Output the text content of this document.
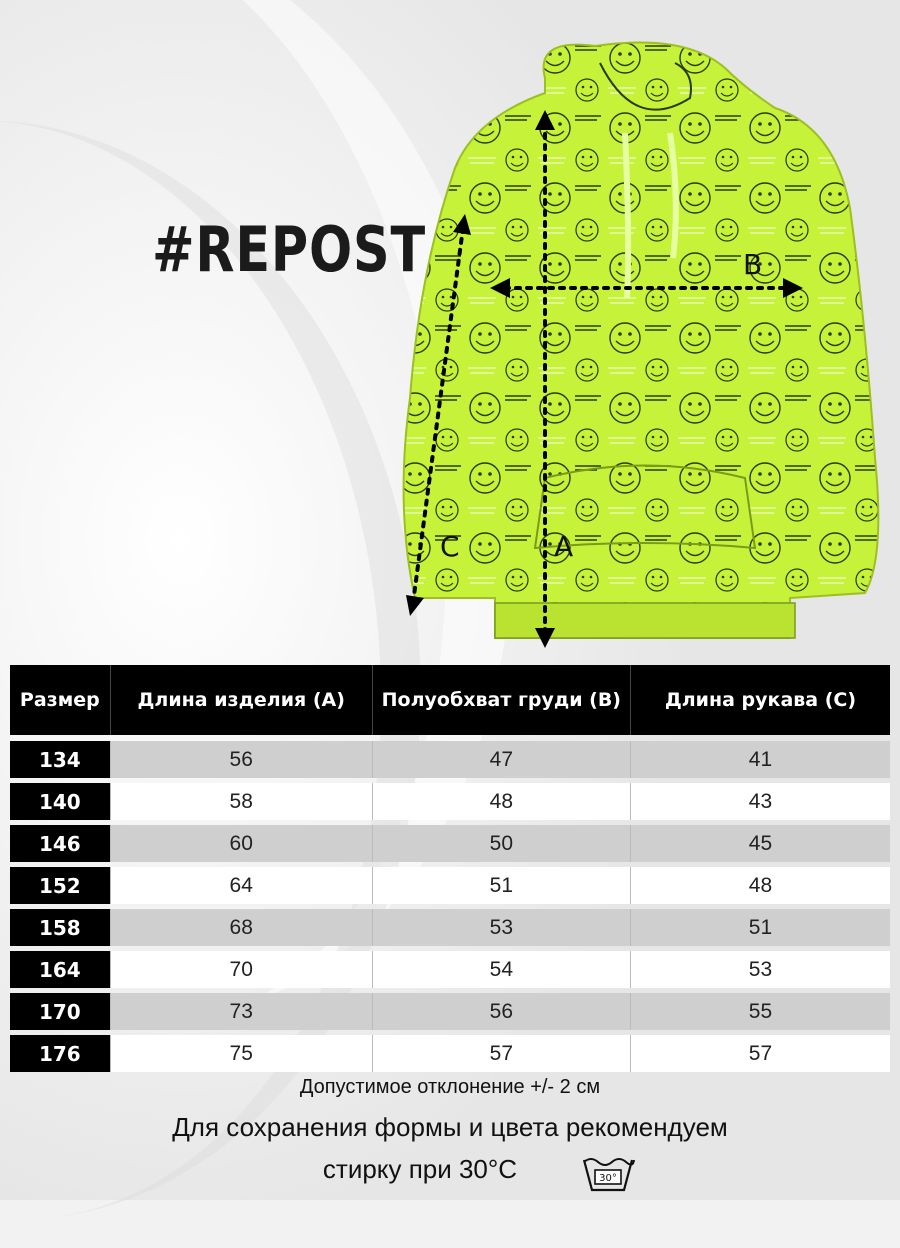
#REPOST	B
A
C
Размер	Длина изделия (A)	Полуобхват груди (B)	Длина рукава (C)
134	56	47	41
140	58	48	43
146	60	50	45
152	64	51	48
158	68	53	51
164	70	54	53
170	73	56	55
176	75	57	57
Допустимое отклонение +/- 2 см
Для сохранения формы и цвета рекомендуем
стирку при 30°С	30°
